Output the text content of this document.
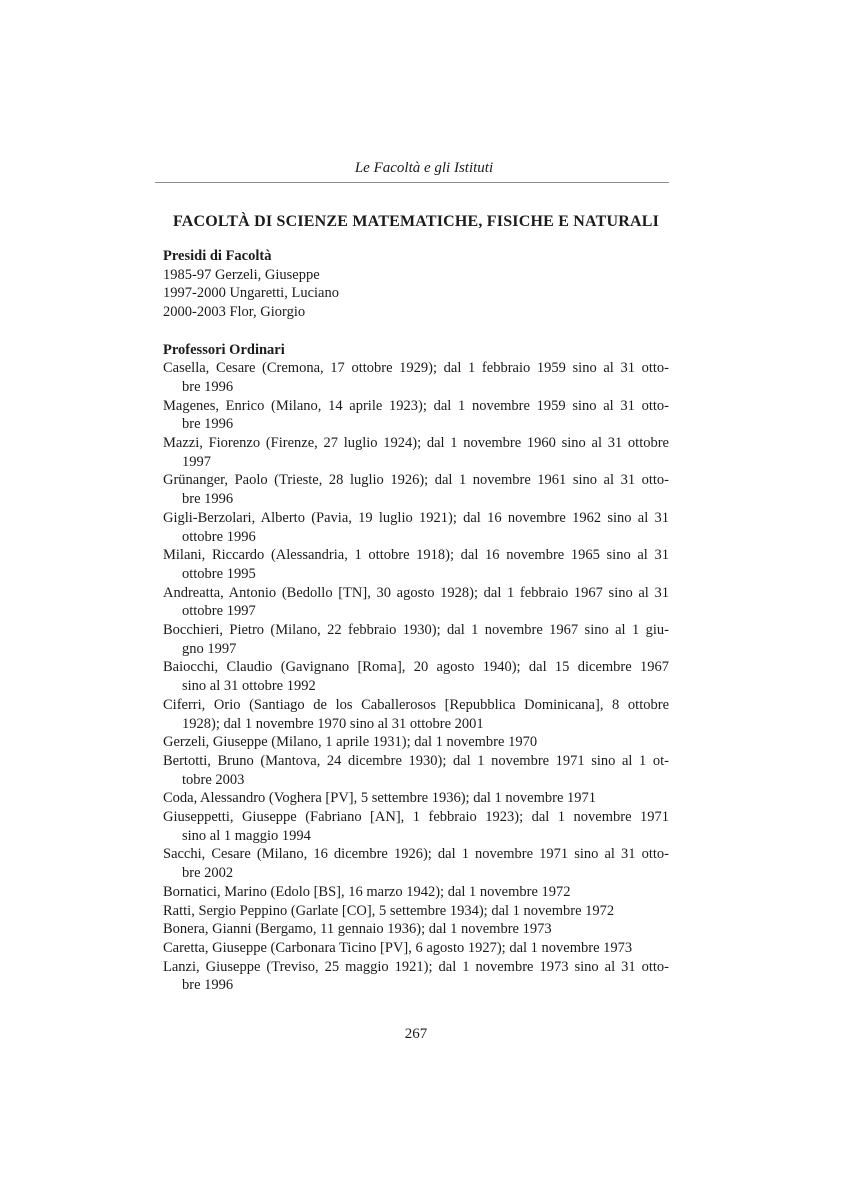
Le Facoltà e gli Istituti
FACOLTÀ DI SCIENZE MATEMATICHE, FISICHE E NATURALI
Presidi di Facoltà
1985-97 Gerzeli, Giuseppe
1997-2000 Ungaretti, Luciano
2000-2003 Flor, Giorgio
Professori Ordinari
Casella, Cesare (Cremona, 17 ottobre 1929); dal 1 febbraio 1959 sino al 31 otto-
bre 1996
Magenes, Enrico (Milano, 14 aprile 1923); dal 1 novembre 1959 sino al 31 otto-
bre 1996
Mazzi, Fiorenzo (Firenze, 27 luglio 1924); dal 1 novembre 1960 sino al 31 ottobre
1997
Grünanger, Paolo (Trieste, 28 luglio 1926); dal 1 novembre 1961 sino al 31 otto-
bre 1996
Gigli-Berzolari, Alberto (Pavia, 19 luglio 1921); dal 16 novembre 1962 sino al 31
ottobre 1996
Milani, Riccardo (Alessandria, 1 ottobre 1918); dal 16 novembre 1965 sino al 31
ottobre 1995
Andreatta, Antonio (Bedollo [TN], 30 agosto 1928); dal 1 febbraio 1967 sino al 31
ottobre 1997
Bocchieri, Pietro (Milano, 22 febbraio 1930); dal 1 novembre 1967 sino al 1 giu-
gno 1997
Baiocchi, Claudio (Gavignano [Roma], 20 agosto 1940); dal 15 dicembre 1967
sino al 31 ottobre 1992
Ciferri, Orio (Santiago de los Caballerosos [Repubblica Dominicana], 8 ottobre
1928); dal 1 novembre 1970 sino al 31 ottobre 2001
Gerzeli, Giuseppe (Milano, 1 aprile 1931); dal 1 novembre 1970
Bertotti, Bruno (Mantova, 24 dicembre 1930); dal 1 novembre 1971 sino al 1 ot-
tobre 2003
Coda, Alessandro (Voghera [PV], 5 settembre 1936); dal 1 novembre 1971
Giuseppetti, Giuseppe (Fabriano [AN], 1 febbraio 1923); dal 1 novembre 1971
sino al 1 maggio 1994
Sacchi, Cesare (Milano, 16 dicembre 1926); dal 1 novembre 1971 sino al 31 otto-
bre 2002
Bornatici, Marino (Edolo [BS], 16 marzo 1942); dal 1 novembre 1972
Ratti, Sergio Peppino (Garlate [CO], 5 settembre 1934); dal 1 novembre 1972
Bonera, Gianni (Bergamo, 11 gennaio 1936); dal 1 novembre 1973
Caretta, Giuseppe (Carbonara Ticino [PV], 6 agosto 1927); dal 1 novembre 1973
Lanzi, Giuseppe (Treviso, 25 maggio 1921); dal 1 novembre 1973 sino al 31 otto-
bre 1996
267
